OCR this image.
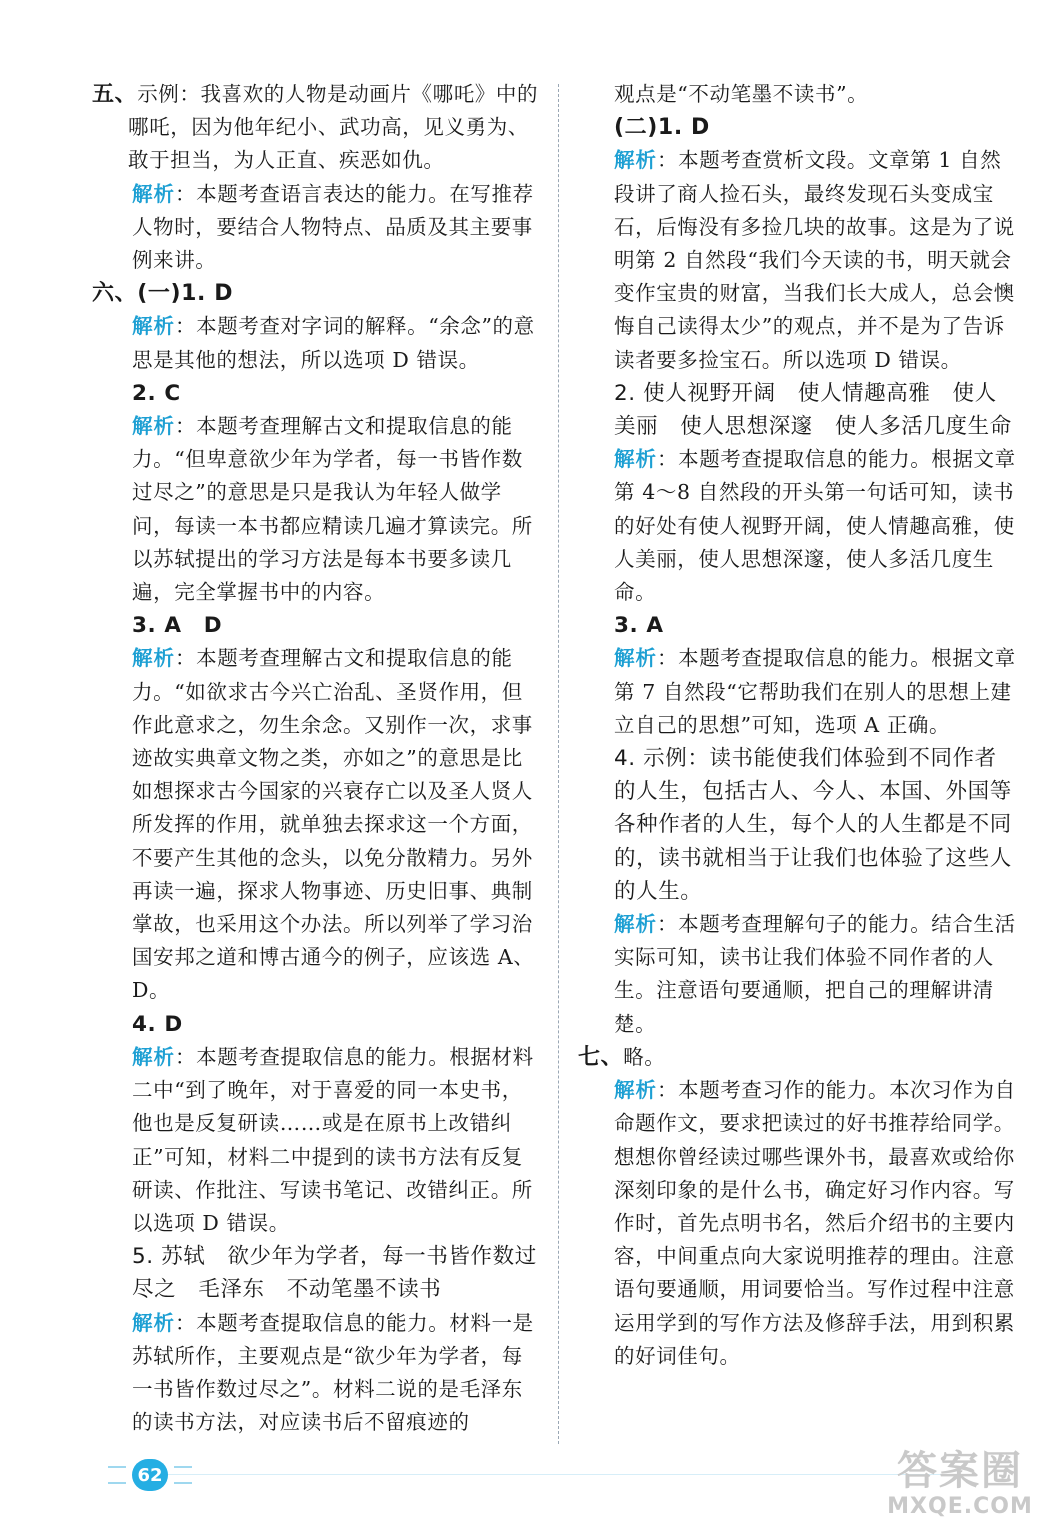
五、示例：我喜欢的人物是动画片《哪吒》中的哪吒，因为他年纪小、武功高，见义勇为、敢于担当，为人正直、疾恶如仇。

解析：本题考查语言表达的能力。在写推荐人物时，要结合人物特点、品质及其主要事例来讲。

六、(一)1. D

解析：本题考查对字词的解释。“余念”的意思是其他的想法，所以选项 D 错误。

2. C

解析：本题考查理解古文和提取信息的能力。“但卑意欲少年为学者，每一书皆作数过尽之”的意思是只是我认为年轻人做学问，每读一本书都应精读几遍才算读完。所以苏轼提出的学习方法是每本书要多读几遍，完全掌握书中的内容。

3. A　D

解析：本题考查理解古文和提取信息的能力。“如欲求古今兴亡治乱、圣贤作用，但作此意求之，勿生余念。又别作一次，求事迹故实典章文物之类，亦如之”的意思是比如想探求古今国家的兴衰存亡以及圣人贤人所发挥的作用，就单独去探求这一个方面，不要产生其他的念头，以免分散精力。另外再读一遍，探求人物事迹、历史旧事、典制掌故，也采用这个办法。所以列举了学习治国安邦之道和博古通今的例子，应该选 A、D。

4. D

解析：本题考查提取信息的能力。根据材料二中“到了晚年，对于喜爱的同一本史书，他也是反复研读……或是在原书上改错纠正”可知，材料二中提到的读书方法有反复研读、作批注、写读书笔记、改错纠正。所以选项 D 错误。

5. 苏轼　欲少年为学者，每一书皆作数过尽之　毛泽东　不动笔墨不读书

解析：本题考查提取信息的能力。材料一是苏轼所作，主要观点是“欲少年为学者，每一书皆作数过尽之”。材料二说的是毛泽东的读书方法，对应读书后不留痕迹的

观点是“不动笔墨不读书”。

(二)1. D

解析：本题考查赏析文段。文章第 1 自然段讲了商人捡石头，最终发现石头变成宝石，后悔没有多捡几块的故事。这是为了说明第 2 自然段“我们今天读的书，明天就会变作宝贵的财富，当我们长大成人，总会懊悔自己读得太少”的观点，并不是为了告诉读者要多捡宝石。所以选项 D 错误。

2. 使人视野开阔　使人情趣高雅　使人美丽　使人思想深邃　使人多活几度生命

解析：本题考查提取信息的能力。根据文章第 4～8 自然段的开头第一句话可知，读书的好处有使人视野开阔，使人情趣高雅，使人美丽，使人思想深邃，使人多活几度生命。

3. A

解析：本题考查提取信息的能力。根据文章第 7 自然段“它帮助我们在别人的思想上建立自己的思想”可知，选项 A 正确。

4. 示例：读书能使我们体验到不同作者的人生，包括古人、今人、本国、外国等各种作者的人生，每个人的人生都是不同的，读书就相当于让我们也体验了这些人的人生。

解析：本题考查理解句子的能力。结合生活实际可知，读书让我们体验不同作者的人生。注意语句要通顺，把自己的理解讲清楚。

七、略。

解析：本题考查习作的能力。本次习作为自命题作文，要求把读过的好书推荐给同学。想想你曾经读过哪些课外书，最喜欢或给你深刻印象的是什么书，确定好习作内容。写作时，首先点明书名，然后介绍书的主要内容，中间重点向大家说明推荐的理由。注意语句要通顺，用词要恰当。写作过程中注意运用学到的写作方法及修辞手法，用到积累的好词佳句。

62	答案圈
MXQE.COM
